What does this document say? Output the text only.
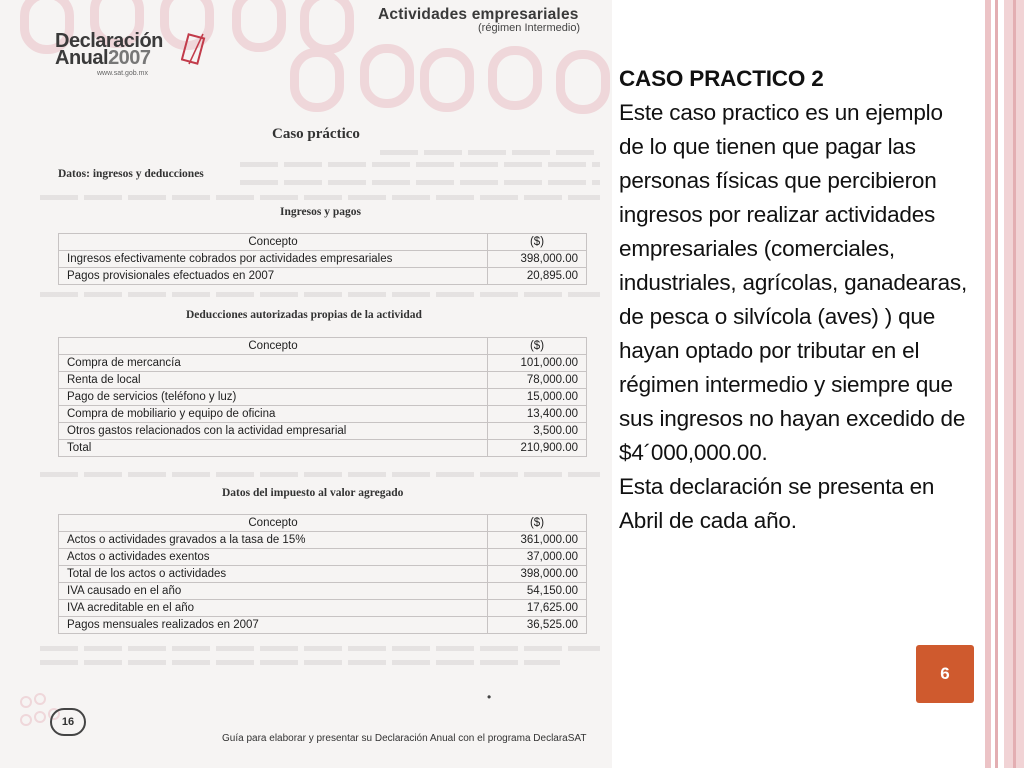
Actividades empresariales
(régimen Intermedio)
Declaración
Anual2007
www.sat.gob.mx
Caso práctico
Datos: ingresos y deducciones
Ingresos y pagos
Concepto	($)
Ingresos efectivamente cobrados por actividades empresariales	398,000.00
Pagos provisionales efectuados en 2007	20,895.00
Deducciones autorizadas propias de la actividad
Concepto	($)
Compra de mercancía	101,000.00
Renta de local	78,000.00
Pago de servicios (teléfono y luz)	15,000.00
Compra de mobiliario y equipo de oficina	13,400.00
Otros gastos relacionados con la actividad empresarial	3,500.00
Total	210,900.00
Datos del impuesto al valor agregado
Concepto	($)
Actos o actividades gravados a la tasa de 15%	361,000.00
Actos o actividades exentos	37,000.00
Total de los actos o actividades	398,000.00
IVA causado en el año	54,150.00
IVA acreditable en el año	17,625.00
Pagos mensuales realizados en 2007	36,525.00
•
16
Guía para elaborar y presentar su Declaración Anual con el programa DeclaraSAT
CASO PRACTICO 2
Este caso practico es un ejemplo de lo que tienen que pagar las personas físicas que percibieron ingresos por realizar actividades empresariales (comerciales, industriales, agrícolas, ganadearas, de pesca o silvícola (aves) ) que hayan optado por tributar en el régimen intermedio y siempre que sus ingresos no hayan excedido de $4´000,000.00.
Esta declaración se presenta en Abril de cada año.
6
